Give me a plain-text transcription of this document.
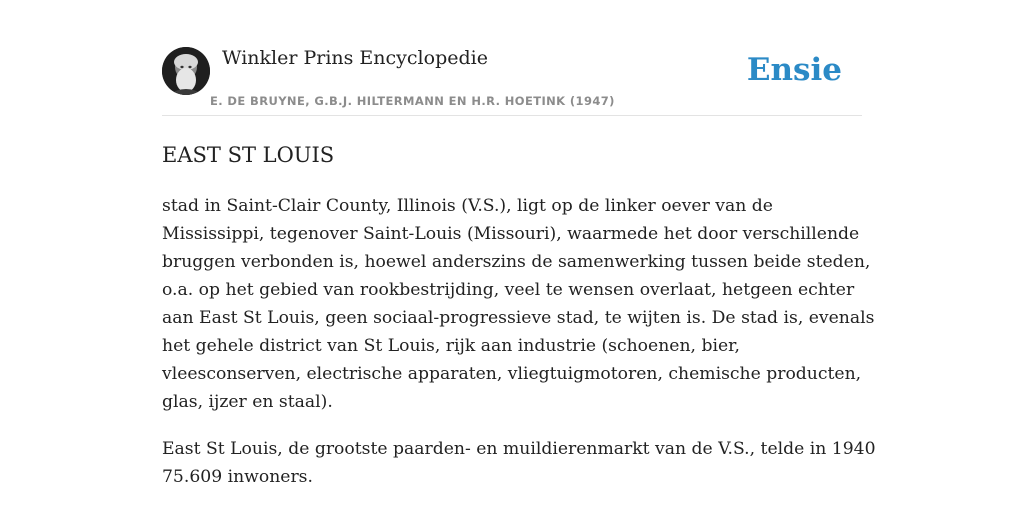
Winkler Prins Encyclopedie
E. DE BRUYNE, G.B.J. HILTERMANN EN H.R. HOETINK (1947)
Ensie
EAST ST LOUIS

stad in Saint-Clair County, Illinois (V.S.), ligt op de linker oever van de Mississippi, tegenover Saint-Louis (Missouri), waarmede het door verschillende bruggen verbonden is, hoewel anderszins de samenwerking tussen beide steden, o.a. op het gebied van rookbestrijding, veel te wensen overlaat, hetgeen echter aan East St Louis, geen sociaal-progressieve stad, te wijten is. De stad is, evenals het gehele district van St Louis, rijk aan industrie (schoenen, bier, vleesconserven, electrische apparaten, vliegtuigmotoren, chemische producten, glas, ijzer en staal).

East St Louis, de grootste paarden- en muildierenmarkt van de V.S., telde in 1940 75.609 inwoners.
